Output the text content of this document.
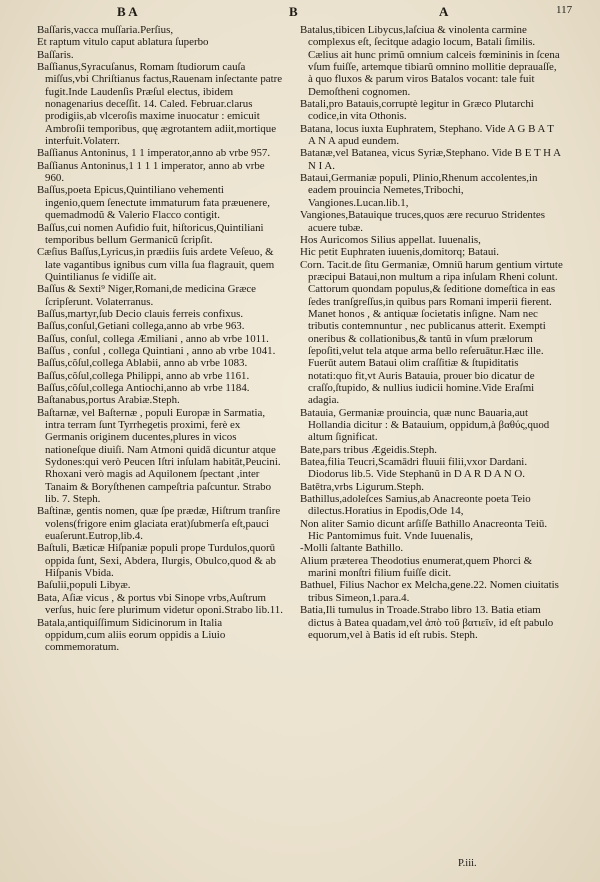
B A	B	A	117

Baſſaris,vacca muſſaria.Perſius,

Et raptum vitulo caput ablatura ſuperbo

Baſſaris.

Baſſianus,Syracuſanus, Romam ſtudiorum cauſa miſſus,vbi Chriſtianus factus,Rauenam inſectante patre fugit.Inde Laudenſis Præſul electus, ibidem nonagenarius deceſſit. 14. Caled. Februar.clarus prodigiis,ab vlceroſis maxime inuocatur : emicuit Ambroſii temporibus, quę ægrotantem adiit,mortique interfuit.Volaterr.

Baſſianus Antoninus, 1 1 imperator,anno ab vrbe 957.

Baſſianus Antoninus,1 1 1 1 imperator, anno ab vrbe 960.

Baſſus,poeta Epicus,Quintiliano vehementi ingenio,quem ſenectute immaturum fata præuenere, quemadmodũ & Valerio Flacco contigit.

Baſſus,cui nomen Aufidio fuit, hiſtoricus,Quintiliani temporibus bellum Germanicũ ſcripſit.

Cæſius Baſſus,Lyricus,in prædiis ſuis ardete Veſeuo, & late vagantibus ignibus cum villa ſua flagrauit, quem Quintilianus ſe vidiſſe ait.

Baſſus & Sexti⁹ Niger,Romani,de medicina Græce ſcripſerunt. Volaterranus.

Baſſus,martyr,ſub Decio clauis ferreis confixus.

Baſſus,conſul,Getiani collega,anno ab vrbe 963.

Baſſus, conſul, collega Æmiliani , anno ab vrbe 1011.

Baſſus , conſul , collega Quintiani , anno ab vrbe 1041.

Baſſus,cõſul,collega Ablabii, anno ab vrbe 1083.

Baſſus,cõſul,collega Philippi, anno ab vrbe 1161.

Baſſus,cõſul,collega Antiochi,anno ab vrbe 1184.

Baſtanabus,portus Arabiæ.Steph.

Baſtarnæ, vel Baſternæ , populi Europæ in Sarmatia, intra terram ſunt Tyrrhegetis proximi, ferè ex Germanis originem ducentes,plures in vicos nationeſque diuiſi. Nam Atmoni quidā dicuntur atque Sydones:qui verò Peucen Iſtri inſulam habitāt,Peucini. Rhoxani verò magis ad Aquilonem ſpectant ,inter Tanaim & Boryſthenen campeſtria paſcuntur. Strabo lib. 7. Steph.

Baſtinæ, gentis nomen, quæ ſpe prædæ, Hiſtrum tranſire volens(frigore enim glaciata erat)ſubmerſa eſt,pauci euaſerunt.Eutrop,lib.4.

Baſtuli, Bæticæ Hiſpaniæ populi prope Turdulos,quorū oppida ſunt, Sexi, Abdera, Ilurgis, Obulco,quod & ab Hiſpanis Vbida.

Baſulii,populi Libyæ.

Bata, Aſiæ vicus , & portus vbi Sinope vrbs,Auſtrum verſus, huic ſere plurimum videtur oponi.Strabo lib.11.

Batala,antiquiſſimum Sidicinorum in Italia oppidum,cum aliis eorum oppidis a Liuio commemoratum.

Batalus,tibicen Libycus,laſciua & vinolenta carmine complexus eſt, ſecitque adagio locum, Batali ſimilis. Cælius ait hunc primũ omnium calceis fœmininis in ſcena vſum fuiſſe, artemque tibiarũ omnino mollitie deprauaſſe, à quo fluxos & parum viros Batalos vocant: tale fuit Demoſtheni cognomen.

Batali,pro Batauis,corruptè legitur in Græco Plutarchi codice,in vita Othonis.

Batana, locus iuxta Euphratem, Stephano. Vide A G B A T A N A apud eundem.

Batanæ,vel Batanea, vicus Syriæ,Stephano. Vide B E T H A N I A.

Bataui,Germaniæ populi, Plinio,Rhenum accolentes,in eadem prouincia Nemetes,Tribochi, Vangiones.Lucan.lib.1,

Vangiones,Batauique truces,quos ære recuruo Stridentes acuere tubæ.

Hos Auricomos Silius appellat. Iuuenalis,

Hic petit Euphraten iuuenis,domitorq; Bataui.

Corn. Tacit.de ſitu Germaniæ, Omniū harum gentium virtute præcipui Bataui,non multum a ripa inſulam Rheni colunt. Cattorum quondam populus,& ſeditione domeſtica in eas ſedes tranſgreſſus,in quibus pars Romani imperii fierent. Manet honos , & antiquæ ſocietatis inſigne. Nam nec tributis contemnuntur , nec publicanus atterit. Exempti oneribus & collationibus,& tantũ in vſum prælorum ſepoſiti,velut tela atque arma bello reſeruātur.Hæc ille. Fuerūt autem Bataui olim craſſitiæ & ſtupiditatis notati:quo fit,vt Auris Batauia, prouer bio dicatur de craſſo,ſtupido, & nullius iudicii homine.Vide Eraſmi adagia.

Batauia, Germaniæ prouincia, quæ nunc Bauaria,aut Hollandia dicitur : & Batauium, oppidum,à βαθύς,quod altum ſignificat.

Bate,pars tribus Ægeidis.Steph.

Batea,filia Teucri,Scamādri fluuii filii,vxor Dardani. Diodorus lib.5. Vide Stephanũ in D A R D A N O.

Batētra,vrbs Ligurum.Steph.

Bathillus,adoleſces Samius,ab Anacreonte poeta Teio dilectus.Horatius in Epodis,Ode 14,

Non aliter Samio dicunt arſiſſe Bathillo Anacreonta Teiū. Hic Pantomimus fuit. Vnde Iuuenalis,

-Molli ſaltante Bathillo.

Alium præterea Theodotius enumerat,quem Phorci & marini monſtri filium fuiſſe dicit.

Bathuel, Filius Nachor ex Melcha,gene.22. Nomen ciuitatis tribus Simeon,1.para.4.

Batia,Ili tumulus in Troade.Strabo libro 13. Batia etiam dictus à Batea quadam,vel ἀπὸ τοῦ βατιεῖν, id eſt pabulo equorum,vel à Batis id eſt rubis. Steph.

P.iii.
